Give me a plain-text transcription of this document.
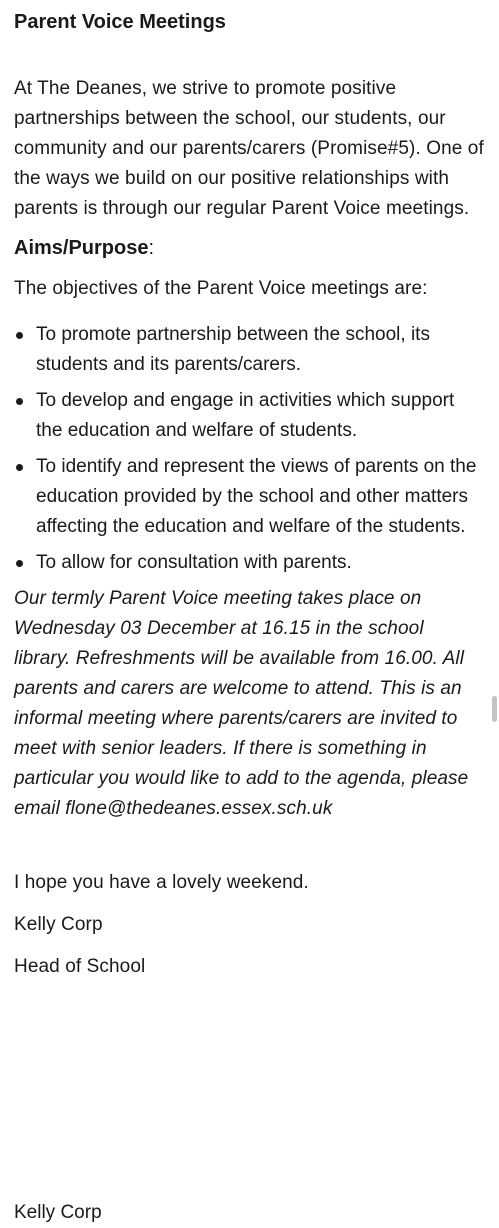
Parent Voice Meetings

At The Deanes, we strive to promote positive partnerships between the school, our students, our community and our parents/carers (Promise#5). One of the ways we build on our positive relationships with parents is through our regular Parent Voice meetings.

Aims/Purpose:

The objectives of the Parent Voice meetings are:

To promote partnership between the school, its students and its parents/carers.
To develop and engage in activities which support the education and welfare of students.
To identify and represent the views of parents on the education provided by the school and other matters affecting the education and welfare of the students.
To allow for consultation with parents.

Our termly Parent Voice meeting takes place on Wednesday 03 December at 16.15 in the school library. Refreshments will be available from 16.00. All parents and carers are welcome to attend. This is an informal meeting where parents/carers are invited to meet with senior leaders. If there is something in particular you would like to add to the agenda, please email flone@thedeanes.essex.sch.uk

I hope you have a lovely weekend.

Kelly Corp

Head of School

Kelly Corp
